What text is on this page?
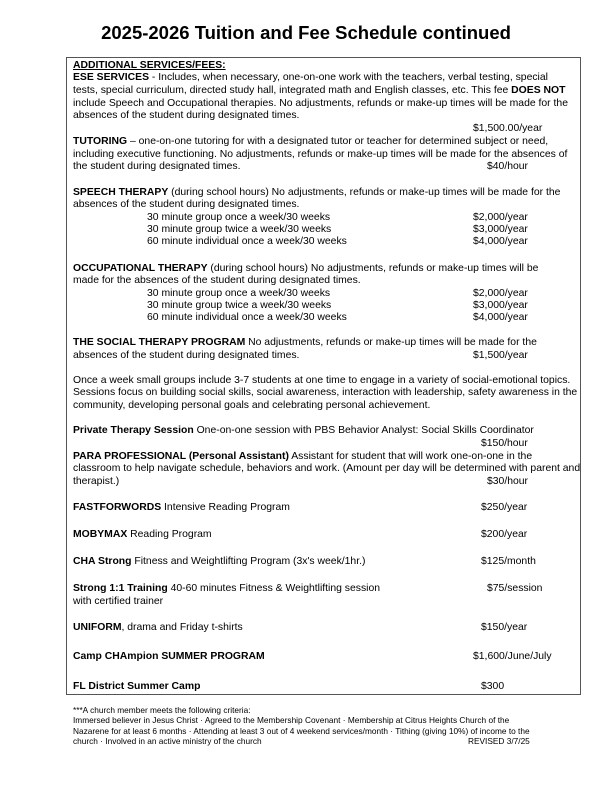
2025-2026 Tuition and Fee Schedule continued
ADDITIONAL SERVICES/FEES:
ESE SERVICES - Includes, when necessary, one-on-one work with the teachers, verbal testing, special
tests, special curriculum, directed study hall, integrated math and English classes, etc. This fee DOES NOT
include Speech and Occupational therapies. No adjustments, refunds or make-up times will be made for the
absences of the student during designated times.
$1,500.00/year
TUTORING – one-on-one tutoring for with a designated tutor or teacher for determined subject or need,
including executive functioning. No adjustments, refunds or make-up times will be made for the absences of
the student during designated times.	$40/hour
SPEECH THERAPY (during school hours) No adjustments, refunds or make-up times will be made for the
absences of the student during designated times.
30 minute group once a week/30 weeks	$2,000/year
30 minute group twice a week/30 weeks	$3,000/year
60 minute individual once a week/30 weeks	$4,000/year
OCCUPATIONAL THERAPY (during school hours) No adjustments, refunds or make-up times will be
made for the absences of the student during designated times.
30 minute group once a week/30 weeks	$2,000/year
30 minute group twice a week/30 weeks	$3,000/year
60 minute individual once a week/30 weeks	$4,000/year
THE SOCIAL THERAPY PROGRAM No adjustments, refunds or make-up times will be made for the
absences of the student during designated times.	$1,500/year
Once a week small groups include 3-7 students at one time to engage in a variety of social-emotional topics.
Sessions focus on building social skills, social awareness, interaction with leadership, safety awareness in the
community, developing personal goals and celebrating personal achievement.
Private Therapy Session One-on-one session with PBS Behavior Analyst: Social Skills Coordinator
$150/hour
PARA PROFESSIONAL (Personal Assistant) Assistant for student that will work one-on-one in the
classroom to help navigate schedule, behaviors and work. (Amount per day will be determined with parent and
therapist.)	$30/hour
FASTFORWORDS Intensive Reading Program	$250/year
MOBYMAX Reading Program	$200/year
CHA Strong Fitness and Weightlifting Program (3x's week/1hr.)	$125/month
Strong 1:1 Training 40-60 minutes Fitness & Weightlifting session
with certified trainer
$75/session
UNIFORM, drama and Friday t-shirts	$150/year
Camp CHAmpion SUMMER PROGRAM	$1,600/June/July
FL District Summer Camp	$300
***A church member meets the following criteria:
Immersed believer in Jesus Christ · Agreed to the Membership Covenant · Membership at Citrus Heights Church of the
Nazarene for at least 6 months · Attending at least 3 out of 4 weekend services/month · Tithing (giving 10%) of income to the
church · Involved in an active ministry of the church	REVISED 3/7/25
